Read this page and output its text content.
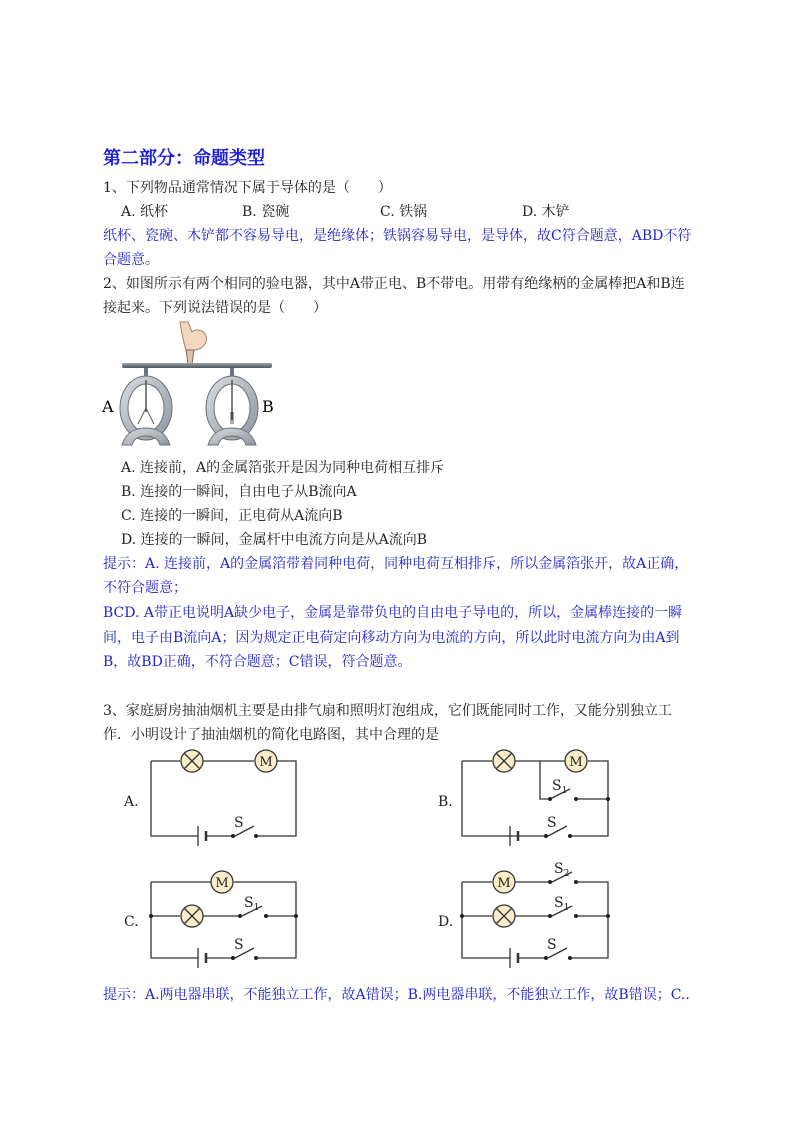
第二部分：命题类型
1、下列物品通常情况下属于导体的是（　　）
A. 纸杯	B. 瓷碗	C. 铁锅	D. 木铲
纸杯、瓷碗、木铲都不容易导电，是绝缘体；铁锅容易导电，是导体，故C符合题意，ABD不符
合题意。
2、如图所示有两个相同的验电器，其中A带正电、B不带电。用带有绝缘柄的金属棒把A和B连
接起来。下列说法错误的是（　　）
A	B
A. 连接前，A的金属箔张开是因为同种电荷相互排斥
B. 连接的一瞬间，自由电子从B流向A
C. 连接的一瞬间，正电荷从A流向B
D. 连接的一瞬间，金属杆中电流方向是从A流向B
提示：A. 连接前，A的金属箔带着同种电荷，同种电荷互相排斥，所以金属箔张开，故A正确，
不符合题意；
BCD. A带正电说明A缺少电子，金属是靠带负电的自由电子导电的，所以，金属棒连接的一瞬
间，电子由B流向A；因为规定正电荷定向移动方向为电流的方向，所以此时电流方向为由A到
B，故BD正确，不符合题意；C错误，符合题意。
3、家庭厨房抽油烟机主要是由排气扇和照明灯泡组成，它们既能同时工作，又能分别独立工
作．小明设计了抽油烟机的简化电路图，其中合理的是
A.	B.
C.	D.
M	M
M	M
S	S
S	S
$S_1$
$S_1$	$S_1$
$S_2$
提示：A.两电器串联，不能独立工作，故A错误；B.两电器串联，不能独立工作，故B错误；C..
